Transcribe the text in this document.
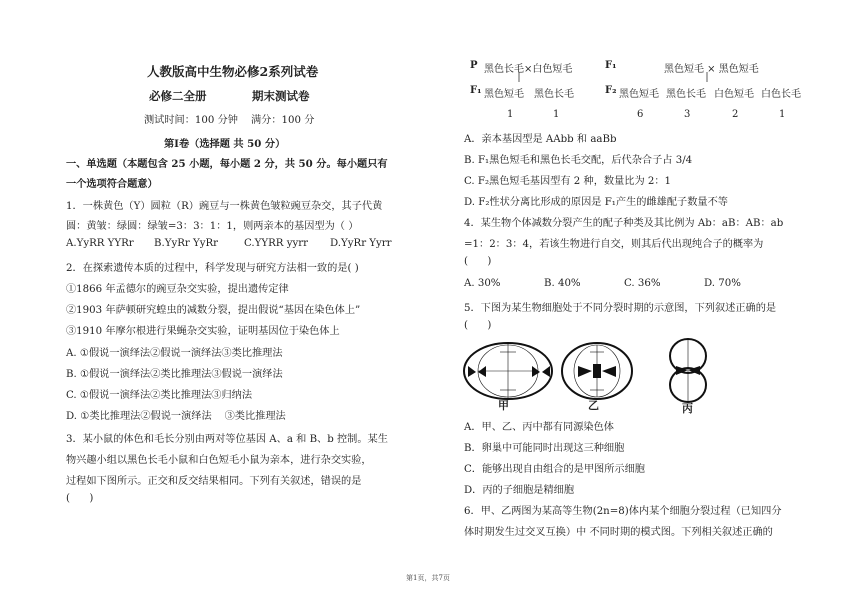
人教版高中生物必修2系列试卷
必修二全册	期末测试卷
测试时间：100 分钟    满分：100 分
第Ⅰ卷（选择题 共 50 分）
一、单选题（本题包含 25 小题，每小题 2 分，共 50 分。每小题只有
一个选项符合题意）
1．一株黄色（Y）圆粒（R）豌豆与一株黄色皱粒豌豆杂交，其子代黄
圆：黄皱：绿圆：绿皱=3：3：1：1，则两亲本的基因型为（ ）
A.YyRR YYRr B.YyRr YyRr	C.YYRR yyrr D.YyRr Yyrr
2．在探索遗传本质的过程中，科学发现与研究方法相一致的是( )
①1866 年孟德尔的豌豆杂交实验，提出遗传定律
②1903 年萨顿研究蝗虫的减数分裂，提出假说“基因在染色体上”
③1910 年摩尔根进行果蝇杂交实验，证明基因位于染色体上
A. ①假说一演绎法②假说一演绎法③类比推理法
B. ①假说一演绎法②类比推理法③假说一演绎法
C. ①假说一演绎法②类比推理法③归纳法
D. ①类比推理法②假说一演绎法    ③类比推理法
3．某小鼠的体色和毛长分别由两对等位基因 A、a 和 B、b 控制。某生
物兴趣小组以黑色长毛小鼠和白色短毛小鼠为亲本，进行杂交实验，
过程如下图所示。正交和反交结果相同。下列有关叙述，错误的是
(      )
P 黑色长毛×白色短毛
F₁ 黑色短毛 黑色长毛
1	1
F₁	黑色短毛 × 黑色短毛
F₂ 黑色短毛 黑色长毛 白色短毛 白色长毛
6	3	2	1
A．亲本基因型是 AAbb 和 aaBb
B. F₁黑色短毛和黑色长毛交配，后代杂合子占 3/4
C. F₂黑色短毛基因型有 2 种，数量比为 2：1
D. F₂性状分离比形成的原因是 F₁产生的雌雄配子数量不等
4．某生物个体减数分裂产生的配子种类及其比例为 Ab：aB：AB：ab
=1：2：3：4，若该生物进行自交，则其后代出现纯合子的概率为
(      )
A. 30%	B. 40%	C. 36%	D. 70%
5．下图为某生物细胞处于不同分裂时期的示意图，下列叙述正确的是
(      )
甲	乙	丙
A．甲、乙、丙中都有同源染色体
B．卵巢中可能同时出现这三种细胞
C．能够出现自由组合的是甲图所示细胞
D．丙的子细胞是精细胞
6．甲、乙两图为某高等生物(2n=8)体内某个细胞分裂过程（已知四分
体时期发生过交叉互换）中 不同时期的模式图。下列相关叙述正确的
第1页，共7页
